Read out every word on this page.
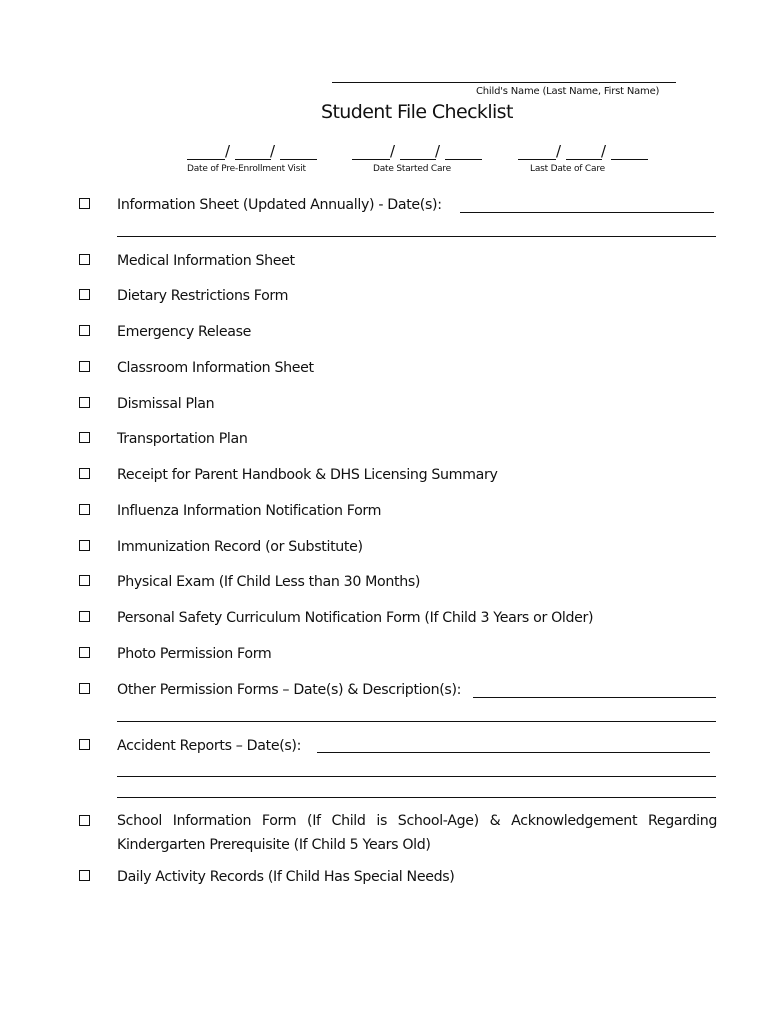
Child's Name (Last Name, First Name)
Student File Checklist
/	/
Date of Pre-Enrollment Visit
/	/
Date Started Care
/	/
Last Date of Care
Information Sheet (Updated Annually) - Date(s):
Medical Information Sheet
Dietary Restrictions Form
Emergency Release
Classroom Information Sheet
Dismissal Plan
Transportation Plan
Receipt for Parent Handbook & DHS Licensing Summary
Influenza Information Notification Form
Immunization Record (or Substitute)
Physical Exam (If Child Less than 30 Months)
Personal Safety Curriculum Notification Form (If Child 3 Years or Older)
Photo Permission Form
Other Permission Forms – Date(s) & Description(s):
Accident Reports – Date(s):
School Information Form (If Child is School-Age) & Acknowledgement Regarding
Kindergarten Prerequisite (If Child 5 Years Old)
Daily Activity Records (If Child Has Special Needs)
